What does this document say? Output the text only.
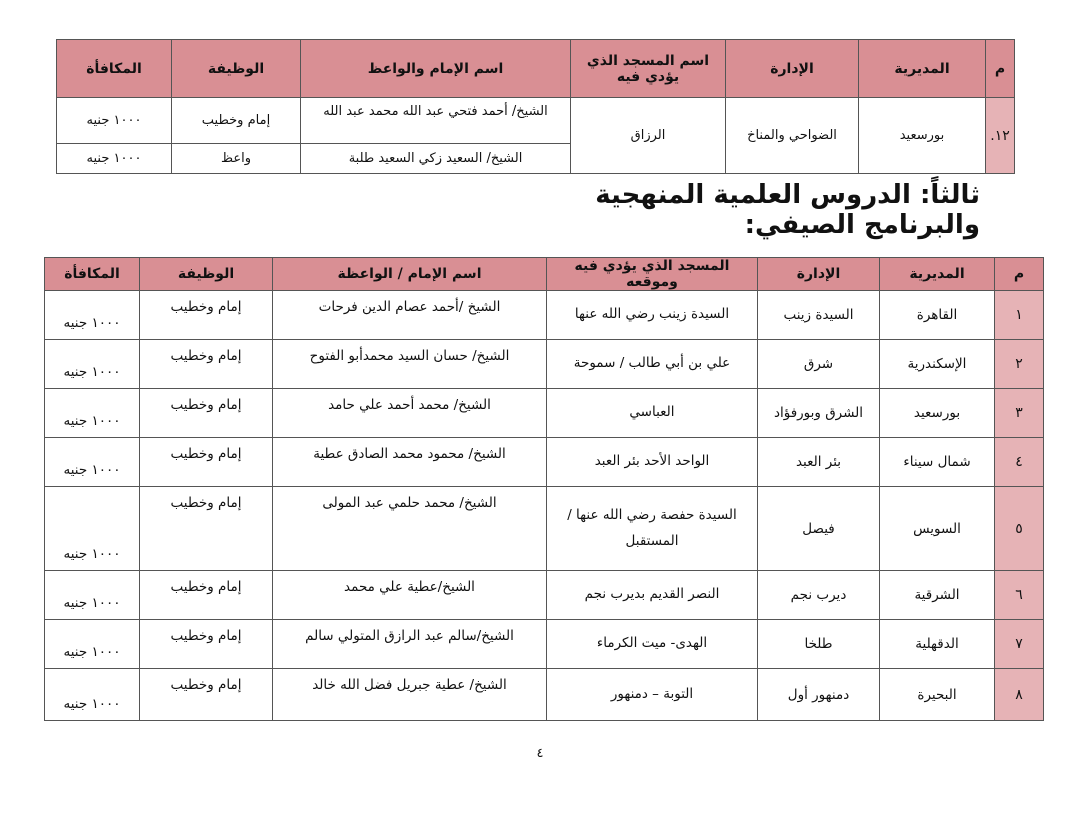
م	المديرية	الإدارة	اسم المسجد الذي يؤدي فيه	اسم الإمام والواعظ	الوظيفة	المكافأة
١٢.	بورسعيد	الضواحي والمناخ	الرزاق	الشيخ/ أحمد فتحي عبد الله محمد عبد الله	إمام وخطيب	١٠٠٠ جنيه
				الشيخ/ السعيد زكي السعيد طلبة	واعظ	١٠٠٠ جنيه
ثالثاً: الدروس العلمية المنهجية والبرنامج الصيفي:
م	المديرية	الإدارة	المسجد الذي يؤدي فيه وموقعه	اسم الإمام / الواعظة	الوظيفة	المكافأة
١	القاهرة	السيدة زينب	السيدة زينب رضي الله عنها	الشيخ /أحمد عصام الدين فرحات	إمام وخطيب	١٠٠٠ جنيه
٢	الإسكندرية	شرق	علي بن أبي طالب / سموحة	الشيخ/ حسان السيد محمدأبو الفتوح	إمام وخطيب	١٠٠٠ جنيه
٣	بورسعيد	الشرق وبورفؤاد	العباسي	الشيخ/ محمد أحمد علي حامد	إمام وخطيب	١٠٠٠ جنيه
٤	شمال سيناء	بئر العبد	الواحد الأحد بئر العبد	الشيخ/ محمود محمد الصادق عطية	إمام وخطيب	١٠٠٠ جنيه
٥	السويس	فيصل	السيدة حفصة رضي الله عنها / المستقبل	الشيخ/ محمد حلمي عبد المولى	إمام وخطيب	١٠٠٠ جنيه
٦	الشرقية	ديرب نجم	النصر القديم بديرب نجم	الشيخ/عطية علي محمد	إمام وخطيب	١٠٠٠ جنيه
٧	الدقهلية	طلخا	الهدى- ميت الكرماء	الشيخ/سالم عبد الرازق المتولي سالم	إمام وخطيب	١٠٠٠ جنيه
٨	البحيرة	دمنهور أول	التوبة – دمنهور	الشيخ/ عطية جبريل فضل الله خالد	إمام وخطيب	١٠٠٠ جنيه
٤
